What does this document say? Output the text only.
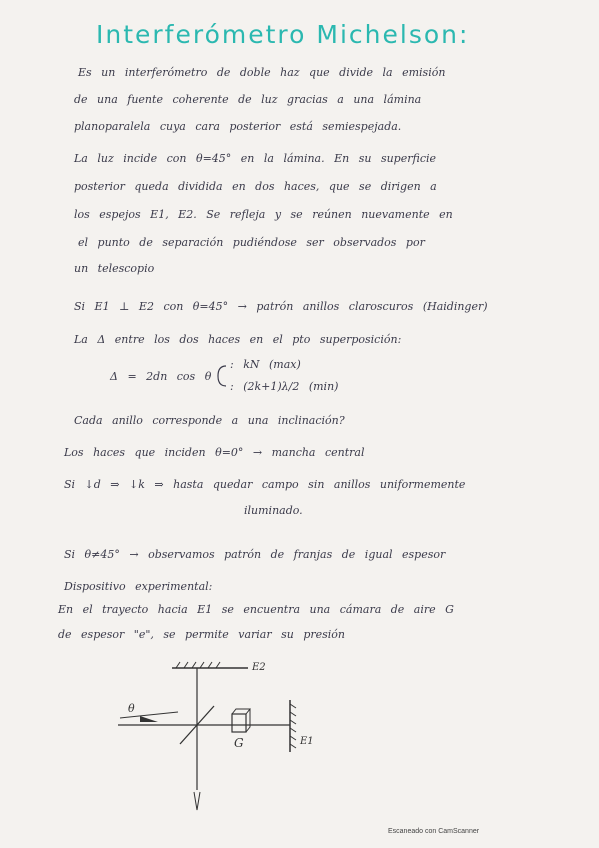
Interferómetro Michelson:
Es un interferómetro de doble haz que divide la emisión
de una fuente coherente de luz gracias a una lámina
planoparalela cuya cara posterior está semiespejada.
La luz incide con θ=45° en la lámina. En su superficie
posterior queda dividida en dos haces, que se dirigen a
los espejos E1, E2. Se refleja y se reúnen nuevamente en
el punto de separación pudiéndose ser observados por
un telescopio
Si E1 ⊥ E2 con θ=45° → patrón anillos claroscuros (Haidinger)
La Δ entre los dos haces en el pto superposición:
Δ = 2dn cos θ
: kN (max)
: (2k+1)λ/2 (min)
Cada anillo corresponde a una inclinación?
Los haces que inciden θ=0° → mancha central
Si ↓d ⇒ ↓k ⇒ hasta quedar campo sin anillos uniformemente
iluminado.
Si θ≠45° → observamos patrón de franjas de igual espesor
Dispositivo experimental:
En el trayecto hacia E1 se encuentra una cámara de aire G
de espesor "e", se permite variar su presión
E2
E1
G
θ
Escaneado con CamScanner
